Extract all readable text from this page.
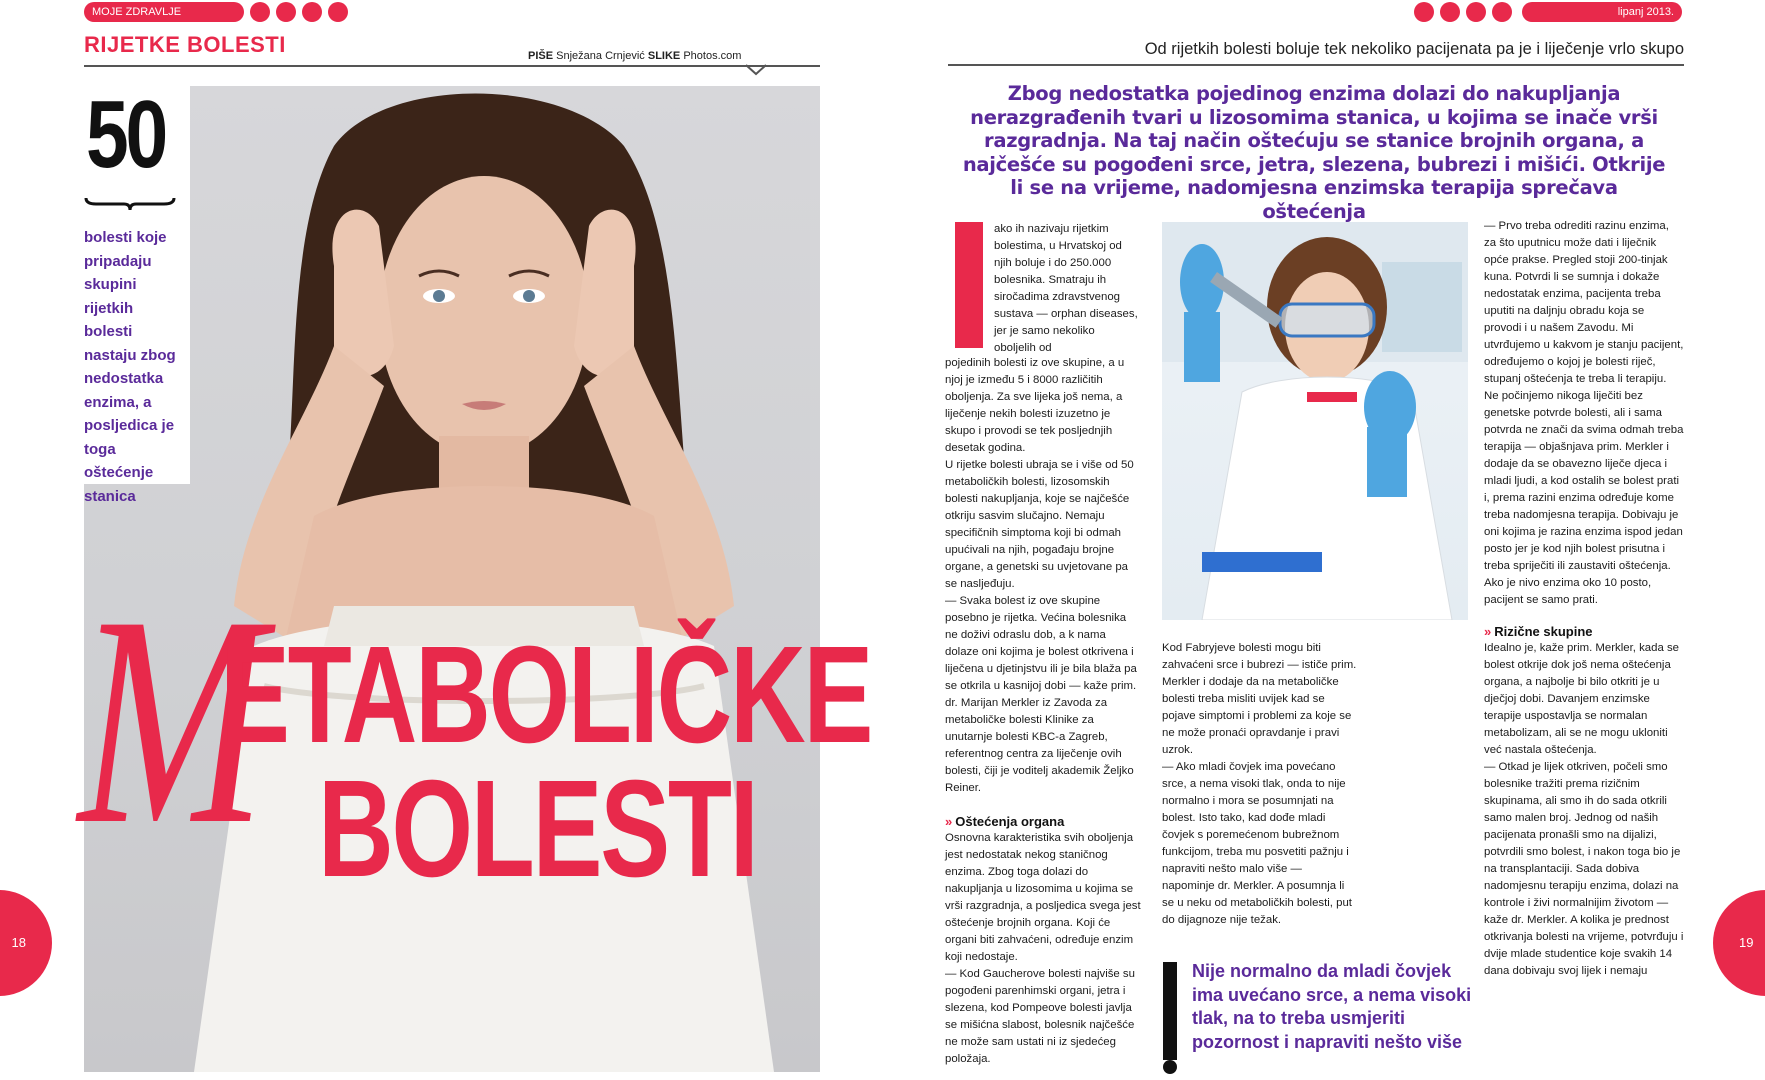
MOJE ZDRAVLJE
RIJETKE BOLESTI	PIŠE Snježana Crnjević SLIKE Photos.com
50
bolesti koje pripadaju skupini rijetkih bolesti nastaju zbog nedostatka enzima, a posljedica je toga oštećenje stanica
M
ETABOLIČKE
BOLESTI
18
lipanj 2013.
Od rijetkih bolesti boluje tek nekoliko pacijenata pa je i liječenje vrlo skupo
Zbog nedostatka pojedinog enzima dolazi do nakupljanja nerazgrađenih tvari u lizosomima stanica, u kojima se inače vrši razgradnja. Na taj način oštećuju se stanice brojnih organa, a najčešće su pogođeni srce, jetra, slezena, bubrezi i mišići. Otkrije li se na vrijeme, nadomjesna enzimska terapija sprečava oštećenja

ako ih nazivaju rijetkim bolestima, u Hrvatskoj od njih boluje i do 250.000 bolesnika. Smatraju ih siročadima zdravstvenog sustava — orphan diseases, jer je samo nekoliko oboljelih od

pojedinih bolesti iz ove skupine, a u njoj je između 5 i 8000 različitih oboljenja. Za sve lijeka još nema, a liječenje nekih bolesti izuzetno je skupo i provodi se tek posljednjih desetak godina.

U rijetke bolesti ubraja se i više od 50 metaboličkih bolesti, lizosomskih bolesti nakupljanja, koje se najčešće otkriju sasvim slučajno. Nemaju specifičnih simptoma koji bi odmah upućivali na njih, pogađaju brojne organe, a genetski su uvjetovane pa se nasljeđuju.

— Svaka bolest iz ove skupine posebno je rijetka. Većina bolesnika ne doživi odraslu dob, a k nama dolaze oni kojima je bolest otkrivena i liječena u djetinjstvu ili je bila blaža pa se otkrila u kasnijoj dobi — kaže prim. dr. Marijan Merkler iz Zavoda za metaboličke bolesti Klinike za unutarnje bolesti KBC-a Zagreb, referentnog centra za liječenje ovih bolesti, čiji je voditelj akademik Željko Reiner.

» Oštećenja organa

Osnovna karakteristika svih oboljenja jest nedostatak nekog staničnog enzima. Zbog toga dolazi do nakupljanja u lizosomima u kojima se vrši razgradnja, a posljedica svega jest oštećenje brojnih organa. Koji će organi biti zahvaćeni, određuje enzim koji nedostaje.

— Kod Gaucherove bolesti najviše su pogođeni parenhimski organi, jetra i slezena, kod Pompeove bolesti javlja se mišićna slabost, bolesnik najčešće ne može sam ustati ni iz sjedećeg položaja.

Kod Fabryjeve bolesti mogu biti zahvaćeni srce i bubrezi — ističe prim. Merkler i dodaje da na metaboličke bolesti treba misliti uvijek kad se pojave simptomi i problemi za koje se ne može pronaći opravdanje i pravi uzrok.

— Ako mladi čovjek ima povećano srce, a nema visoki tlak, onda to nije normalno i mora se posumnjati na bolest. Isto tako, kad dođe mladi čovjek s poremećenom bubrežnom funkcijom, treba mu posvetiti pažnju i napraviti nešto malo više — napominje dr. Merkler. A posumnja li se u neku od metaboličkih bolesti, put do dijagnoze nije težak.

Nije normalno da mladi čovjek ima uvećano srce, a nema visoki tlak, na to treba usmjeriti pozornost i napraviti nešto više

— Prvo treba odrediti razinu enzima, za što uputnicu može dati i liječnik opće prakse. Pregled stoji 200-tinjak kuna. Potvrdi li se sumnja i dokaže nedostatak enzima, pacijenta treba uputiti na daljnju obradu koja se provodi i u našem Zavodu. Mi utvrđujemo u kakvom je stanju pacijent, određujemo o kojoj je bolesti riječ, stupanj oštećenja te treba li terapiju. Ne počinjemo nikoga liječiti bez genetske potvrde bolesti, ali i sama potvrda ne znači da svima odmah treba terapija — objašnjava prim. Merkler i dodaje da se obavezno liječe djeca i mladi ljudi, a kod ostalih se bolest prati i, prema razini enzima određuje kome treba nadomjesna terapija. Dobivaju je oni kojima je razina enzima ispod jedan posto jer je kod njih bolest prisutna i treba spriječiti ili zaustaviti oštećenja. Ako je nivo enzima oko 10 posto, pacijent se samo prati.

» Rizične skupine

Idealno je, kaže prim. Merkler, kada se bolest otkrije dok još nema oštećenja organa, a najbolje bi bilo otkriti je u dječjoj dobi. Davanjem enzimske terapije uspostavlja se normalan metabolizam, ali se ne mogu ukloniti već nastala oštećenja.

— Otkad je lijek otkriven, počeli smo bolesnike tražiti prema rizičnim skupinama, ali smo ih do sada otkrili samo malen broj. Jednog od naših pacijenata pronašli smo na dijalizi, potvrdili smo bolest, i nakon toga bio je na transplantaciji. Sada dobiva nadomjesnu terapiju enzima, dolazi na kontrole i živi normalnijim životom — kaže dr. Merkler. A kolika je prednost otkrivanja bolesti na vrijeme, potvrđuju i dvije mlade studentice koje svakih 14 dana dobivaju svoj lijek i nemaju

19
